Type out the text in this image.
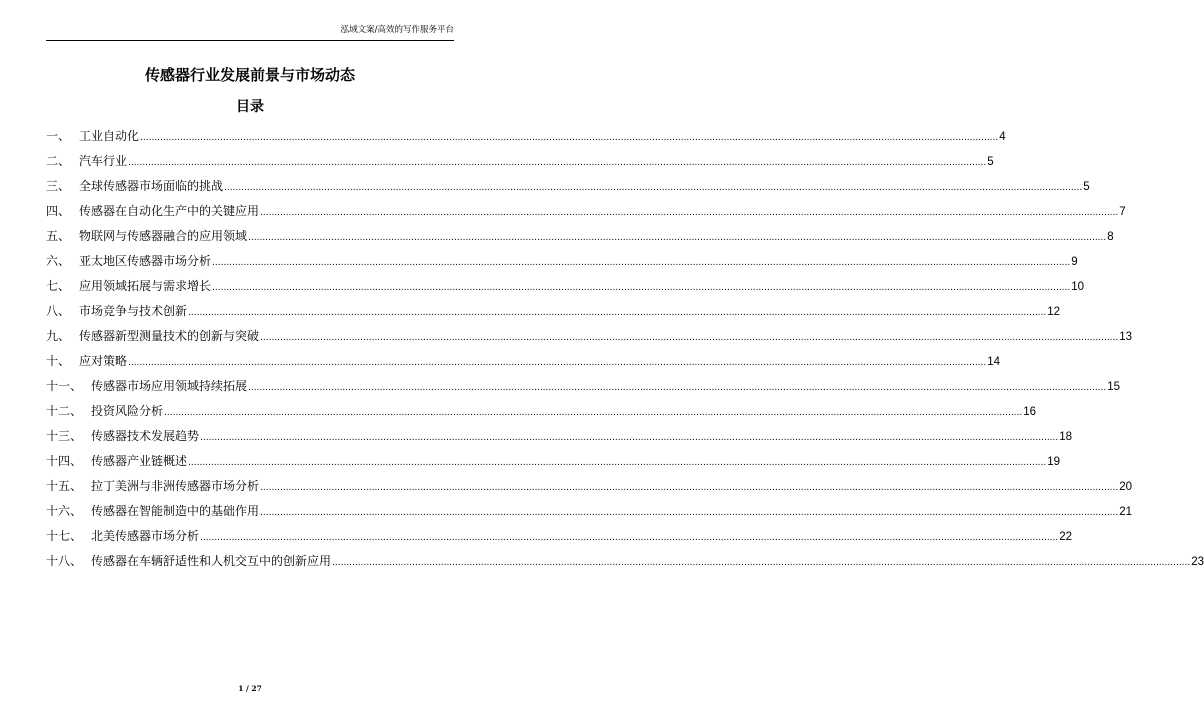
泓域文案/高效的写作服务平台
传感器行业发展前景与市场动态
目录
一、 工业自动化 ............................................................................................................................................................................................................................................................................................................ 4
二、 汽车行业 ............................................................................................................................................................................................................................................................................................................ 5
三、 全球传感器市场面临的挑战 ............................................................................................................................................................................................................................................................................................................ 5
四、 传感器在自动化生产中的关键应用 ............................................................................................................................................................................................................................................................................................................ 7
五、 物联网与传感器融合的应用领域 ............................................................................................................................................................................................................................................................................................................ 8
六、 亚太地区传感器市场分析 ............................................................................................................................................................................................................................................................................................................ 9
七、 应用领域拓展与需求增长 ............................................................................................................................................................................................................................................................................................................ 10
八、 市场竞争与技术创新 ............................................................................................................................................................................................................................................................................................................ 12
九、 传感器新型测量技术的创新与突破 ............................................................................................................................................................................................................................................................................................................ 13
十、 应对策略 ............................................................................................................................................................................................................................................................................................................ 14
十一、 传感器市场应用领域持续拓展 ............................................................................................................................................................................................................................................................................................................ 15
十二、 投资风险分析 ............................................................................................................................................................................................................................................................................................................ 16
十三、 传感器技术发展趋势 ............................................................................................................................................................................................................................................................................................................ 18
十四、 传感器产业链概述 ............................................................................................................................................................................................................................................................................................................ 19
十五、 拉丁美洲与非洲传感器市场分析 ............................................................................................................................................................................................................................................................................................................ 20
十六、 传感器在智能制造中的基础作用 ............................................................................................................................................................................................................................................................................................................ 21
十七、 北美传感器市场分析 ............................................................................................................................................................................................................................................................................................................ 22
十八、 传感器在车辆舒适性和人机交互中的创新应用 ............................................................................................................................................................................................................................................................................................................ 23
1 / 27
